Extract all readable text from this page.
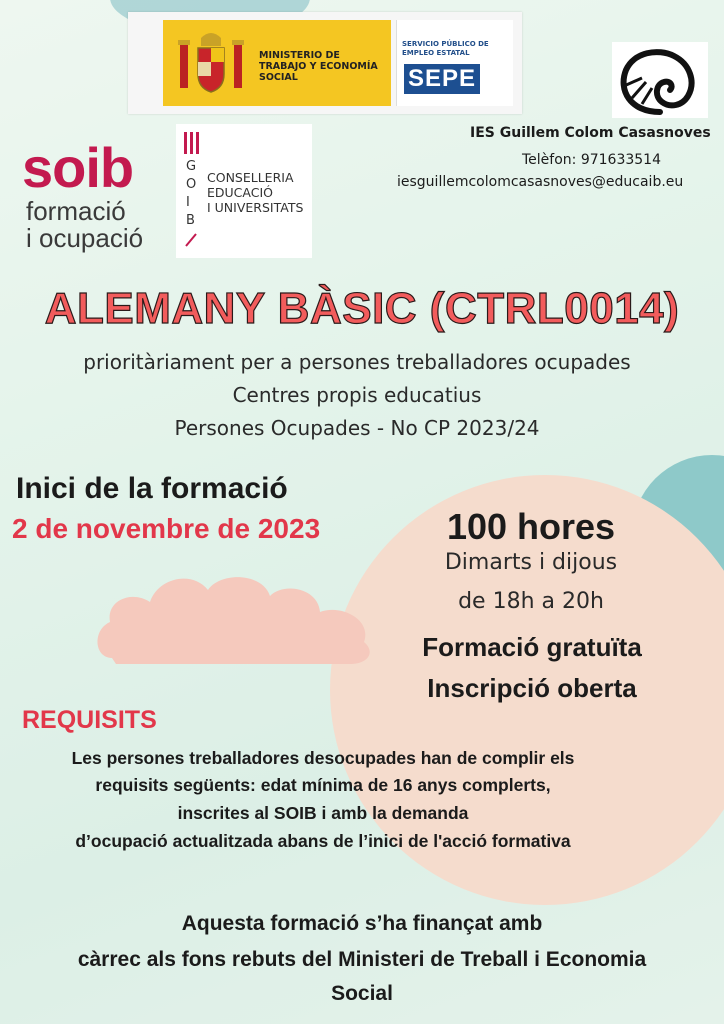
MINISTERIO DE TRABAJO Y ECONOMÍA SOCIAL
SERVICIO PÚBLICO DE EMPLEO ESTATAL
SEPE
soib
formació
i ocupació
GOIB
CONSELLERIA
EDUCACIÓ
I UNIVERSITATS
IES Guillem Colom Casasnoves
Telèfon: 971633514
iesguillemcolomcasasnoves@educaib.eu
ALEMANY BÀSIC (CTRL0014)
prioritàriament per a persones treballadores ocupades
Centres propis educatius
Persones Ocupades - No CP 2023/24
Inici de la formació
2 de novembre de 2023	100 hores
Dimarts i dijous
de 18h a 20h
Formació gratuïta
Inscripció oberta
REQUISITS
Les persones treballadores desocupades han de complir els
requisits següents: edat mínima de 16 anys complerts,
inscrites al SOIB i amb la demanda
d’ocupació actualitzada abans de l’inici de l'acció formativa
Aquesta formació s’ha finançat amb
càrrec als fons rebuts del Ministeri de Treball i Economia
Social
